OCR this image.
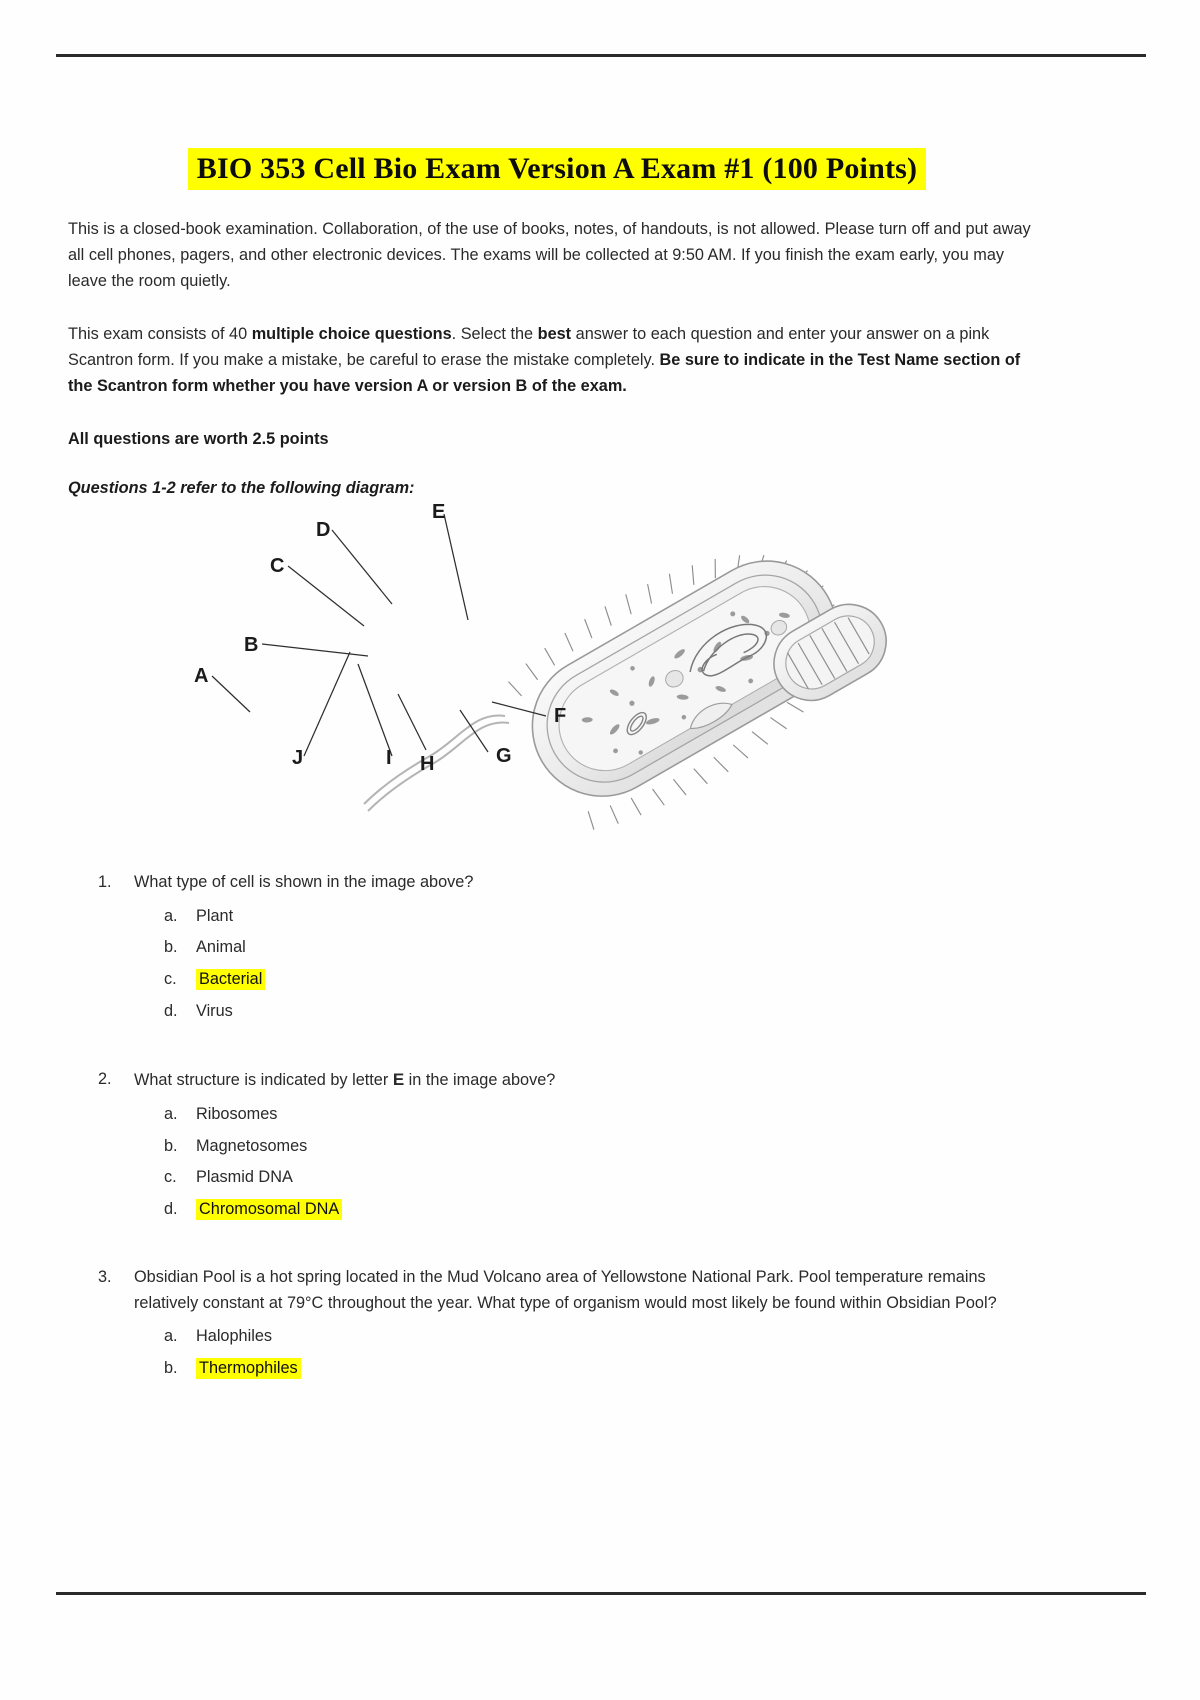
BIO 353 Cell Bio Exam Version A Exam #1 (100 Points)

This is a closed-book examination. Collaboration, of the use of books, notes, of handouts, is not allowed. Please turn off and put away all cell phones, pagers, and other electronic devices. The exams will be collected at 9:50 AM. If you finish the exam early, you may leave the room quietly.

This exam consists of 40 multiple choice questions. Select the best answer to each question and enter your answer on a pink Scantron form. If you make a mistake, be careful to erase the mistake completely. Be sure to indicate in the Test Name section of the Scantron form whether you have version A or version B of the exam.

All questions are worth 2.5 points

Questions 1-2 refer to the following diagram:

A
B
C
D
E
F
G
H
I
J
1. What type of cell is shown in the image above?
a. Plant
b. Animal
c. Bacterial
d. Virus
2. What structure is indicated by letter E in the image above?
a. Ribosomes
b. Magnetosomes
c. Plasmid DNA
d. Chromosomal DNA
3. Obsidian Pool is a hot spring located in the Mud Volcano area of Yellowstone National Park. Pool temperature remains relatively constant at 79°C throughout the year. What type of organism would most likely be found within Obsidian Pool?
a. Halophiles
b. Thermophiles
